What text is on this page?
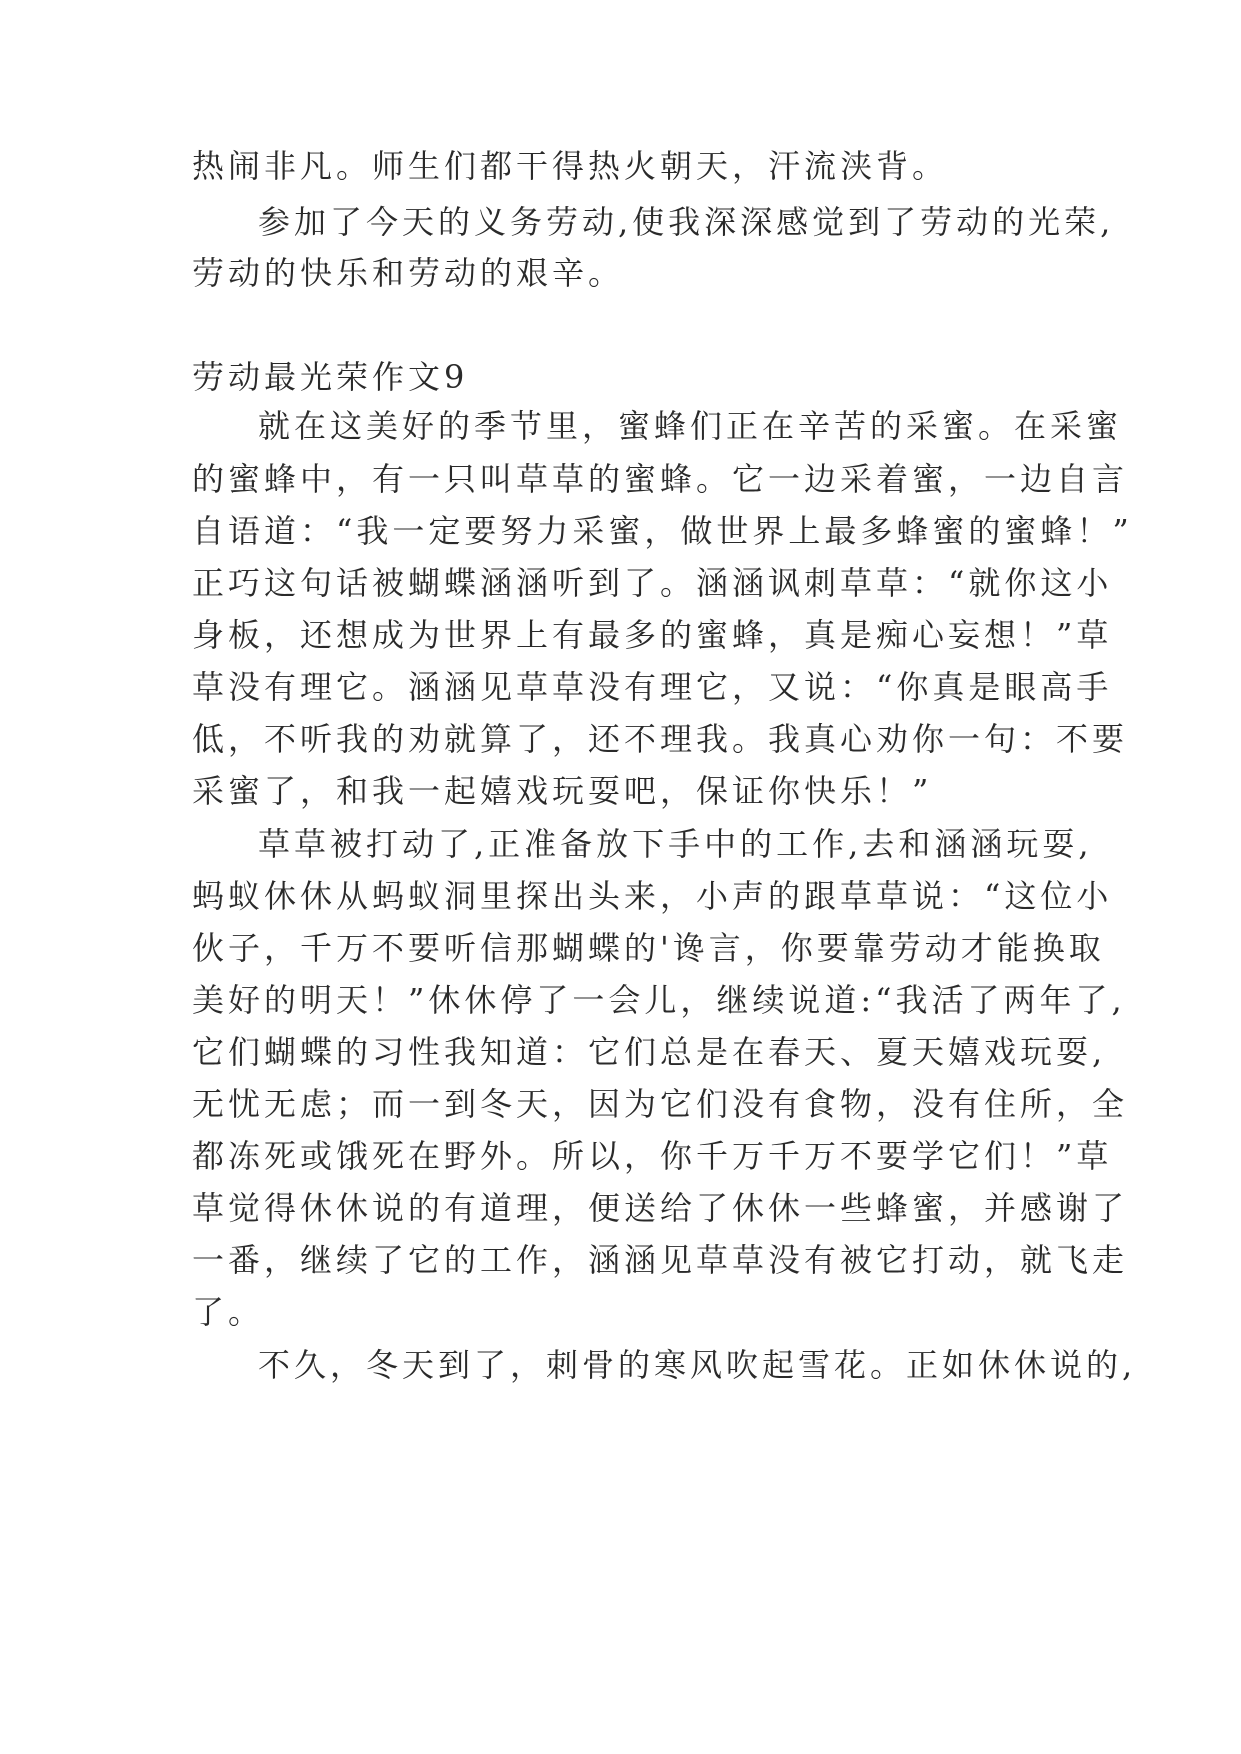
热闹非凡。师生们都干得热火朝天，汗流浃背。
参加了今天的义务劳动,使我深深感觉到了劳动的光荣,
劳动的快乐和劳动的艰辛。
劳动最光荣作文9
就在这美好的季节里，蜜蜂们正在辛苦的采蜜。在采蜜
的蜜蜂中，有一只叫草草的蜜蜂。它一边采着蜜，一边自言
自语道：“我一定要努力采蜜，做世界上最多蜂蜜的蜜蜂！”
正巧这句话被蝴蝶涵涵听到了。涵涵讽刺草草：“就你这小
身板，还想成为世界上有最多的蜜蜂，真是痴心妄想！”草
草没有理它。涵涵见草草没有理它，又说：“你真是眼高手
低，不听我的劝就算了，还不理我。我真心劝你一句：不要
采蜜了，和我一起嬉戏玩耍吧，保证你快乐！”
草草被打动了,正准备放下手中的工作,去和涵涵玩耍,
蚂蚁休休从蚂蚁洞里探出头来，小声的跟草草说：“这位小
伙子，千万不要听信那蝴蝶的'谗言，你要靠劳动才能换取
美好的明天！”休休停了一会儿，继续说道:“我活了两年了,
它们蝴蝶的习性我知道：它们总是在春天、夏天嬉戏玩耍,
无忧无虑；而一到冬天，因为它们没有食物，没有住所，全
都冻死或饿死在野外。所以，你千万千万不要学它们！”草
草觉得休休说的有道理，便送给了休休一些蜂蜜，并感谢了
一番，继续了它的工作，涵涵见草草没有被它打动，就飞走
了。
不久，冬天到了，刺骨的寒风吹起雪花。正如休休说的,
